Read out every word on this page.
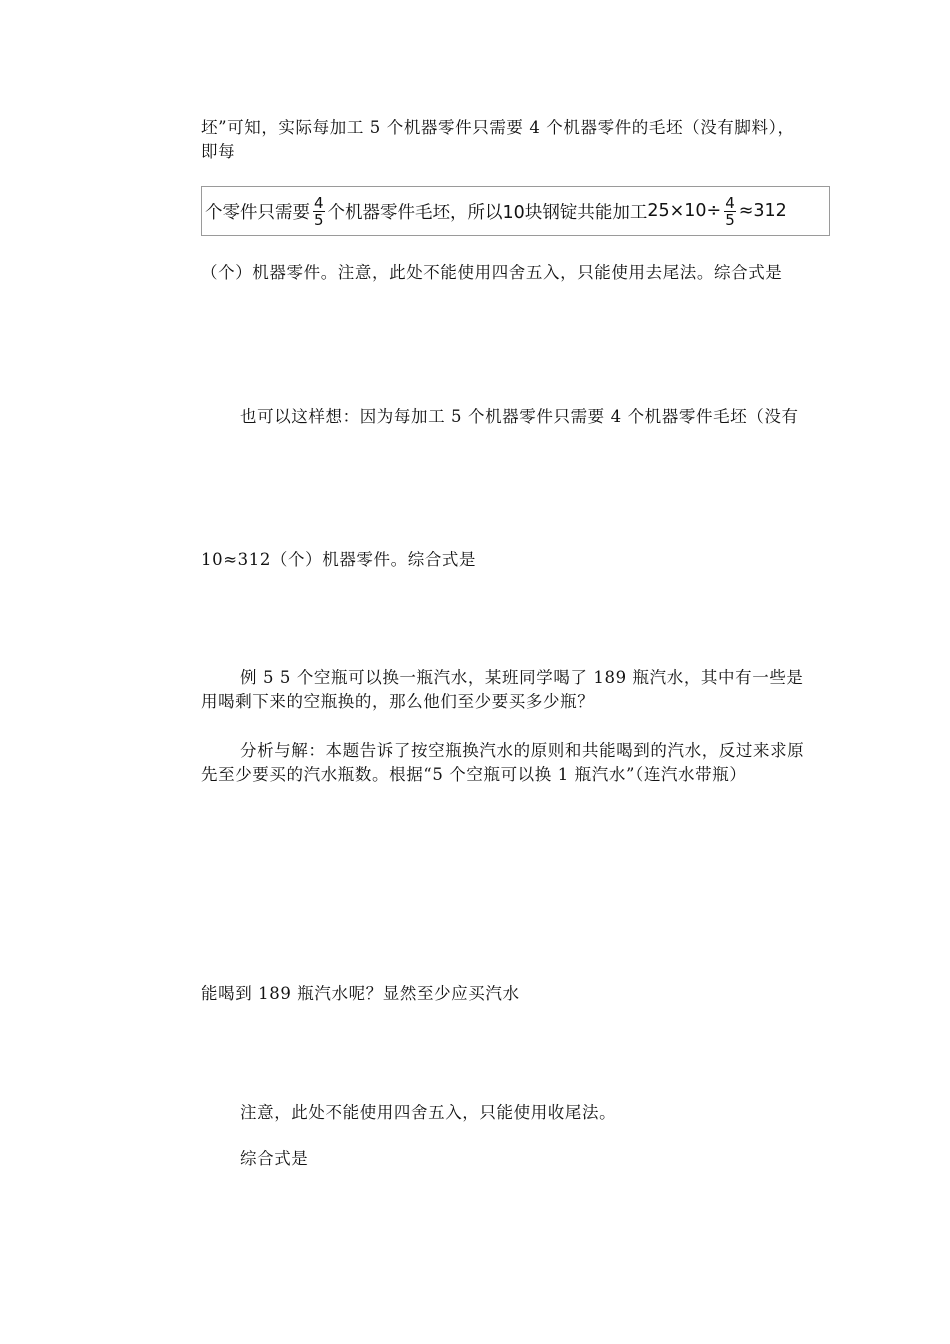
坯”可知，实际每加工 5 个机器零件只需要 4 个机器零件的毛坯（没有脚料），即每

个零件只需要 $\frac{4}{5}$ 个机器零件毛坯，所以10块钢锭共能加工 $25\times 10\div \frac{4}{5} \approx 312$

（个）机器零件。注意，此处不能使用四舍五入，只能使用去尾法。综合式是

也可以这样想：因为每加工 5 个机器零件只需要 4 个机器零件毛坯（没有

10≈312（个）机器零件。综合式是

例 5 5 个空瓶可以换一瓶汽水，某班同学喝了 189 瓶汽水，其中有一些是用喝剩下来的空瓶换的，那么他们至少要买多少瓶？

分析与解：本题告诉了按空瓶换汽水的原则和共能喝到的汽水，反过来求原先至少要买的汽水瓶数。根据“5 个空瓶可以换 1 瓶汽水”（连汽水带瓶）

能喝到 189 瓶汽水呢？显然至少应买汽水

注意，此处不能使用四舍五入，只能使用收尾法。

综合式是
